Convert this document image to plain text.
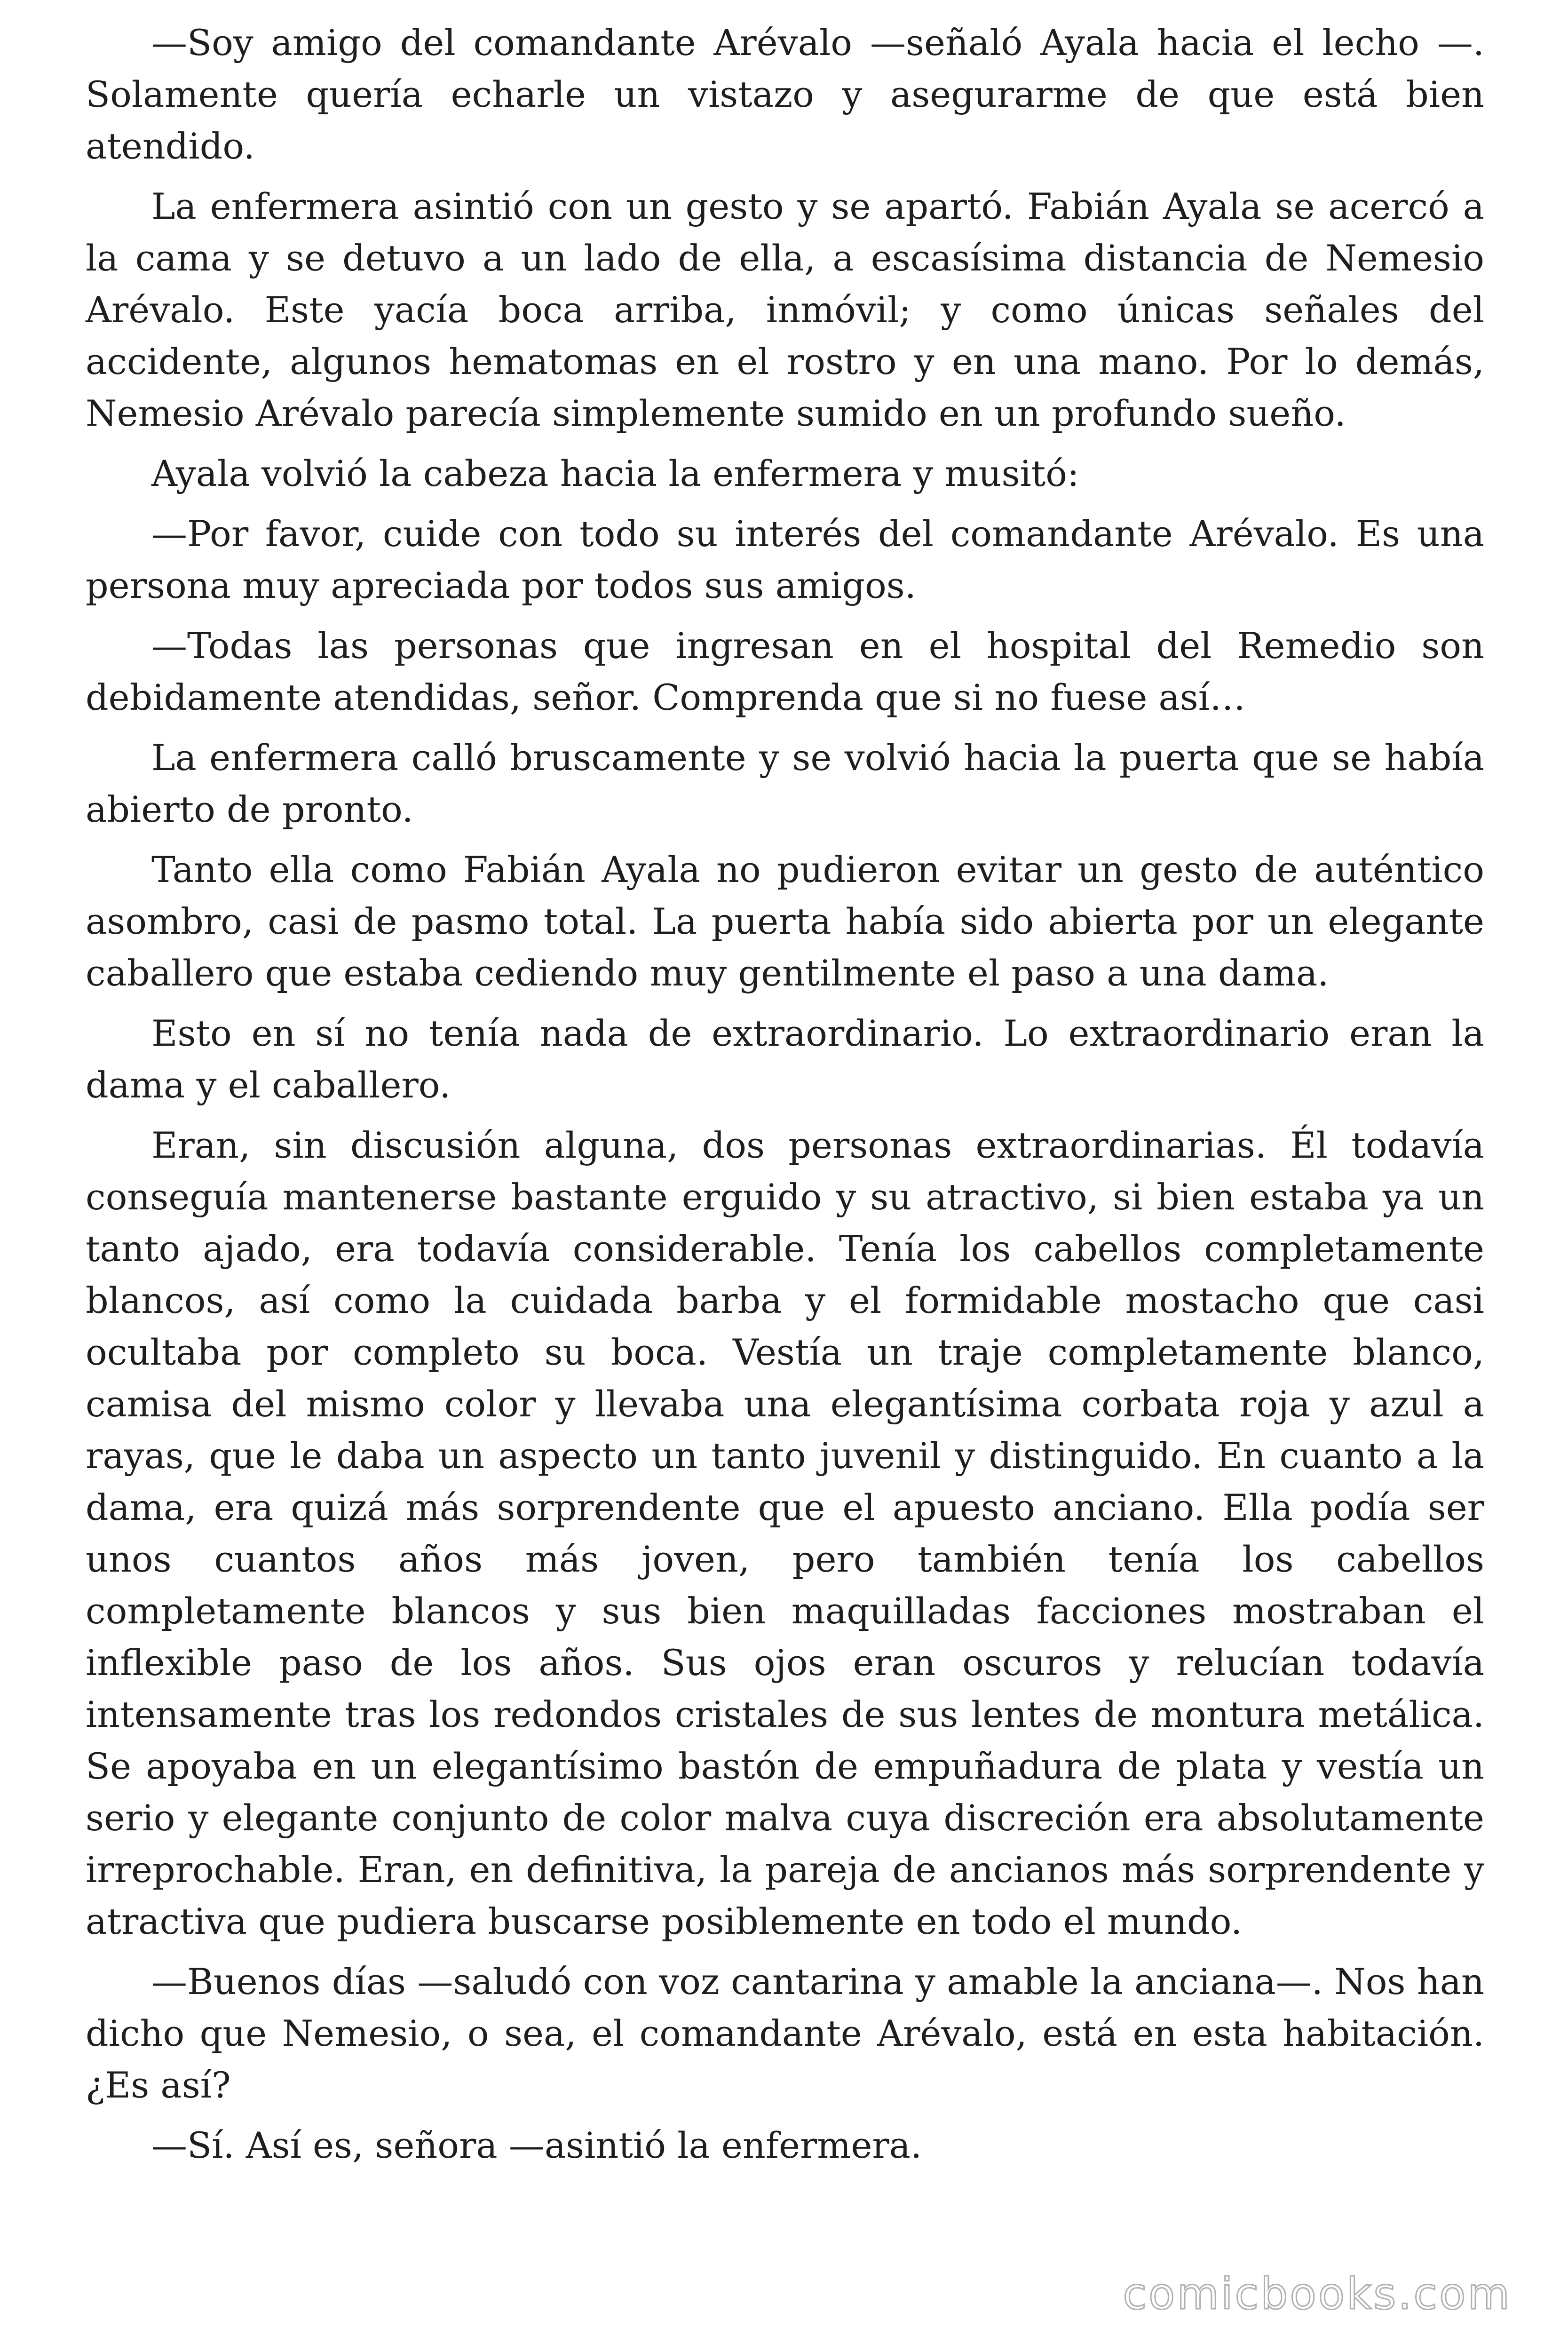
—Soy amigo del comandante Arévalo —señaló Ayala hacia el lecho —. Solamente quería echarle un vistazo y asegurarme de que está bien atendido.

La enfermera asintió con un gesto y se apartó. Fabián Ayala se acercó a la cama y se detuvo a un lado de ella, a escasísima distancia de Nemesio Arévalo. Este yacía boca arriba, inmóvil; y como únicas señales del accidente, algunos hematomas en el rostro y en una mano. Por lo demás, Nemesio Arévalo parecía simplemente sumido en un profundo sueño.

Ayala volvió la cabeza hacia la enfermera y musitó:

—Por favor, cuide con todo su interés del comandante Arévalo. Es una persona muy apreciada por todos sus amigos.

—Todas las personas que ingresan en el hospital del Remedio son debidamente atendidas, señor. Comprenda que si no fuese así…

La enfermera calló bruscamente y se volvió hacia la puerta que se había abierto de pronto.

Tanto ella como Fabián Ayala no pudieron evitar un gesto de auténtico asombro, casi de pasmo total. La puerta había sido abierta por un elegante caballero que estaba cediendo muy gentilmente el paso a una dama.

Esto en sí no tenía nada de extraordinario. Lo extraordinario eran la dama y el caballero.

Eran, sin discusión alguna, dos personas extraordinarias. Él todavía conseguía mantenerse bastante erguido y su atractivo, si bien estaba ya un tanto ajado, era todavía considerable. Tenía los cabellos completamente blancos, así como la cuidada barba y el formidable mostacho que casi ocultaba por completo su boca. Vestía un traje completamente blanco, camisa del mismo color y llevaba una elegantísima corbata roja y azul a rayas, que le daba un aspecto un tanto juvenil y distinguido. En cuanto a la dama, era quizá más sorprendente que el apuesto anciano. Ella podía ser unos cuantos años más joven, pero también tenía los cabellos completamente blancos y sus bien maquilladas facciones mostraban el inflexible paso de los años. Sus ojos eran oscuros y relucían todavía intensamente tras los redondos cristales de sus lentes de montura metálica. Se apoyaba en un elegantísimo bastón de empuñadura de plata y vestía un serio y elegante conjunto de color malva cuya discreción era absolutamente irreprochable. Eran, en definitiva, la pareja de ancianos más sorprendente y atractiva que pudiera buscarse posiblemente en todo el mundo.

—Buenos días —saludó con voz cantarina y amable la anciana—. Nos han dicho que Nemesio, o sea, el comandante Arévalo, está en esta habitación. ¿Es así?

—Sí. Así es, señora —asintió la enfermera.

comicbooks.com
